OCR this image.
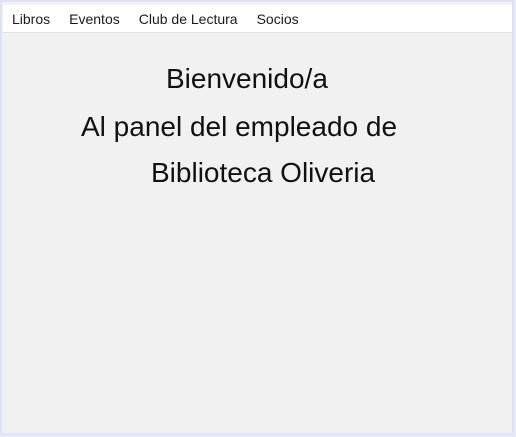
Libros Eventos Club de Lectura Socios
Bienvenido/a
Al panel del empleado de
Biblioteca Oliveria
